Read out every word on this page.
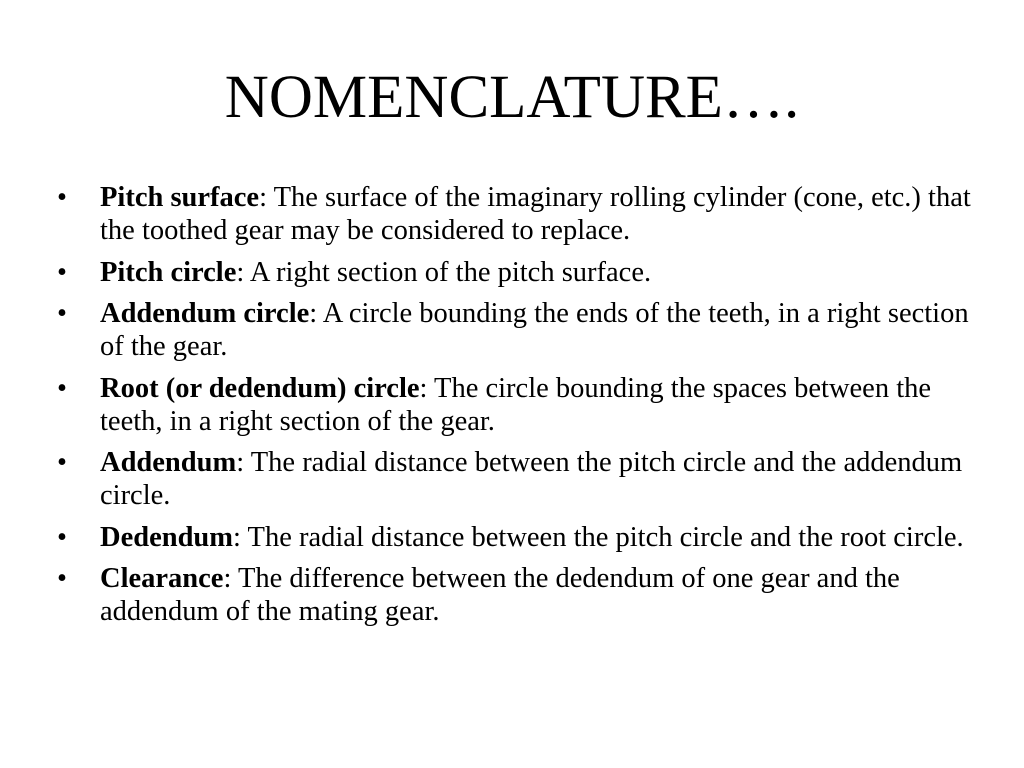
NOMENCLATURE….
•	Pitch surface: The surface of the imaginary rolling cylinder (cone, etc.) that the toothed gear may be considered to replace.
•	Pitch circle: A right section of the pitch surface.
•	Addendum circle: A circle bounding the ends of the teeth, in a right section of the gear.
•	Root (or dedendum) circle: The circle bounding the spaces between the teeth, in a right section of the gear.
•	Addendum: The radial distance between the pitch circle and the addendum circle.
•	Dedendum: The radial distance between the pitch circle and the root circle.
•	Clearance: The difference between the dedendum of one gear and the addendum of the mating gear.
